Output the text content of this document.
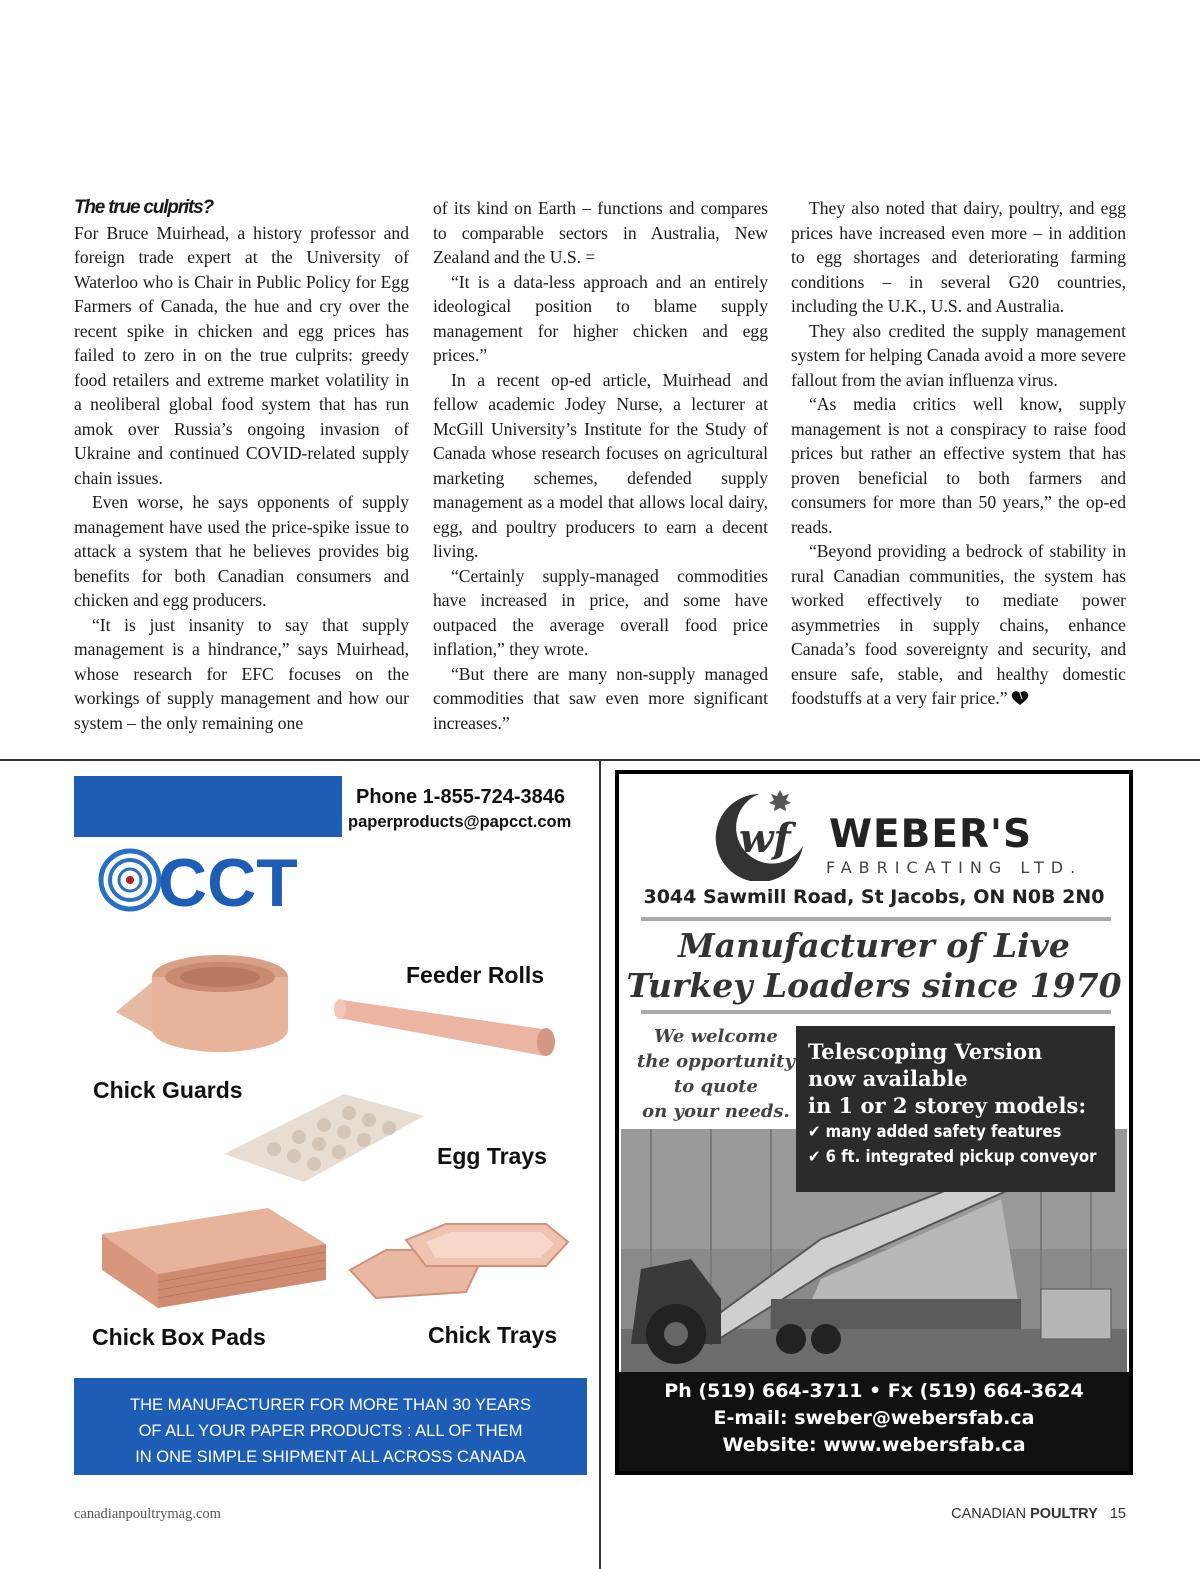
The true culprits?

For Bruce Muirhead, a history professor and foreign trade expert at the University of Waterloo who is Chair in Public Policy for Egg Farmers of Canada, the hue and cry over the recent spike in chicken and egg prices has failed to zero in on the true culprits: greedy food retailers and extreme market volatility in a neoliberal global food system that has run amok over Russia’s ongoing invasion of Ukraine and continued COVID-related supply chain issues.

Even worse, he says opponents of supply management have used the price-spike issue to attack a system that he believes provides big benefits for both Canadian consumers and chicken and egg producers.

“It is just insanity to say that supply management is a hindrance,” says Muirhead, whose research for EFC focuses on the workings of supply management and how our system – the only remaining one

of its kind on Earth – functions and compares to comparable sectors in Australia, New Zealand and the U.S. =

“It is a data-less approach and an entirely ideological position to blame supply management for higher chicken and egg prices.”

In a recent op-ed article, Muirhead and fellow academic Jodey Nurse, a lecturer at McGill University’s Institute for the Study of Canada whose research focuses on agricultural marketing schemes, defended supply management as a model that allows local dairy, egg, and poultry producers to earn a decent living.

“Certainly supply-managed commodities have increased in price, and some have outpaced the average overall food price inflation,” they wrote.

“But there are many non-supply managed commodities that saw even more significant increases.”

They also noted that dairy, poultry, and egg prices have increased even more – in addition to egg shortages and deteriorating farming conditions – in several G20 countries, including the U.K., U.S. and Australia.

They also credited the supply management system for helping Canada avoid a more severe fallout from the avian influenza virus.

“As media critics well know, supply management is not a conspiracy to raise food prices but rather an effective system that has proven beneficial to both farmers and consumers for more than 50 years,” the op-ed reads.

“Beyond providing a bedrock of stability in rural Canadian communities, the system has worked effectively to mediate power asymmetries in supply chains, enhance Canada’s food sovereignty and security, and ensure safe, stable, and healthy domestic foodstuffs at a very fair price.”

Phone 1-855-724-3846
paperproducts@papcct.com
CCT
Feeder Rolls
Chick Guards
Egg Trays
Chick Box Pads	Chick Trays
THE MANUFACTURER FOR MORE THAN 30 YEARS
OF ALL YOUR PAPER PRODUCTS : ALL OF THEM
IN ONE SIMPLE SHIPMENT ALL ACROSS CANADA
wf WEBER'S
FABRICATING LTD.
3044 Sawmill Road, St Jacobs, ON N0B 2N0
Manufacturer of Live
Turkey Loaders since 1970
We welcome
the opportunity
to quote
on your needs.
Telescoping Version
now available
in 1 or 2 storey models:
✔ many added safety features
✔ 6 ft. integrated pickup conveyor
Ph (519) 664-3711 • Fx (519) 664-3624
E-mail: sweber@webersfab.ca
Website: www.webersfab.ca
canadianpoultrymag.com	CANADIAN POULTRY 15
